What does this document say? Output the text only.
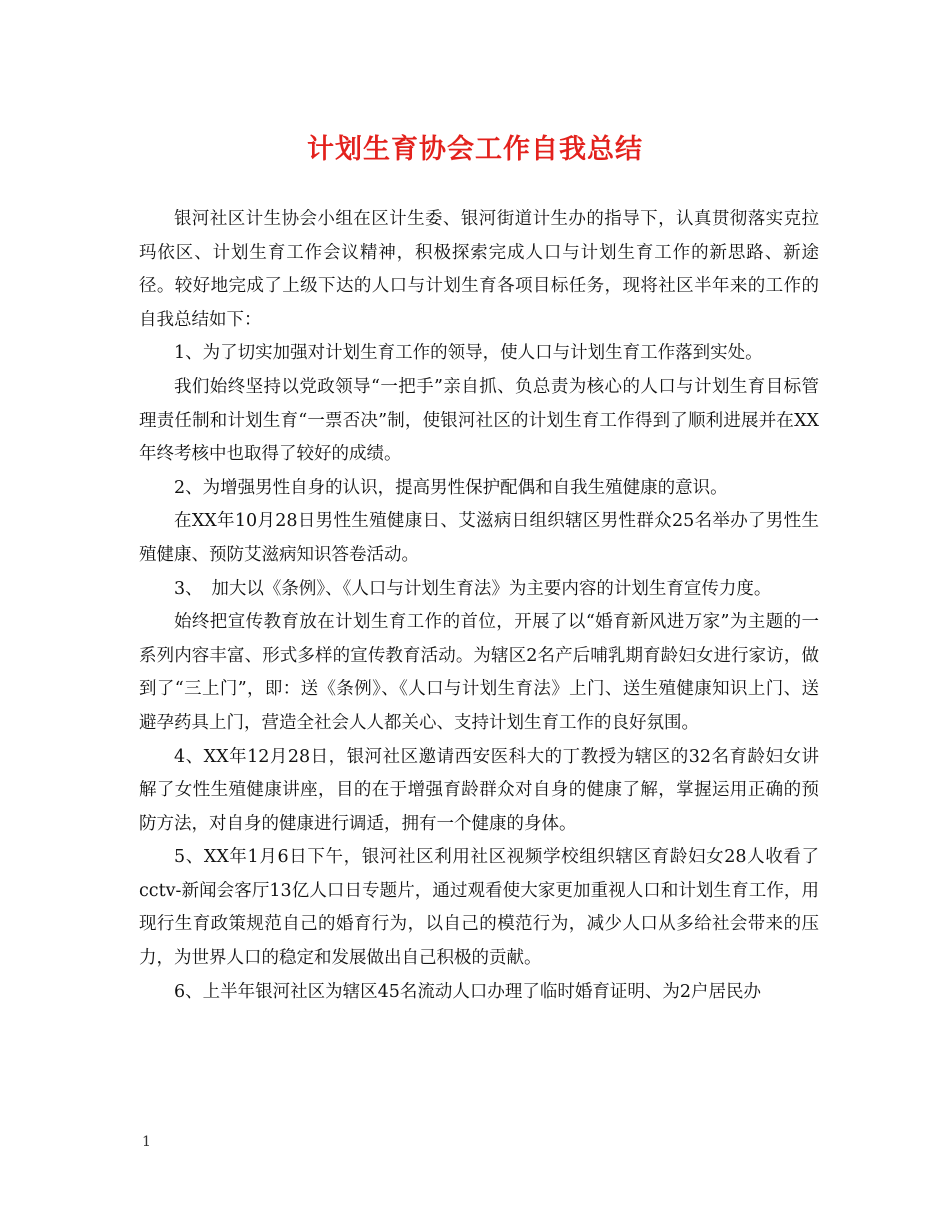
计划生育协会工作自我总结

银河社区计生协会小组在区计生委、银河街道计生办的指导下，认真贯彻落实克拉玛依区、计划生育工作会议精神，积极探索完成人口与计划生育工作的新思路、新途径。较好地完成了上级下达的人口与计划生育各项目标任务，现将社区半年来的工作的自我总结如下：

1、为了切实加强对计划生育工作的领导，使人口与计划生育工作落到实处。

我们始终坚持以党政领导“一把手”亲自抓、负总责为核心的人口与计划生育目标管理责任制和计划生育“一票否决”制，使银河社区的计划生育工作得到了顺利进展并在XX年终考核中也取得了较好的成绩。

2、为增强男性自身的认识，提高男性保护配偶和自我生殖健康的意识。

在XX年10月28日男性生殖健康日、艾滋病日组织辖区男性群众25名举办了男性生殖健康、预防艾滋病知识答卷活动。

3、　加大以《条例》、《人口与计划生育法》为主要内容的计划生育宣传力度。

始终把宣传教育放在计划生育工作的首位，开展了以“婚育新风进万家”为主题的一系列内容丰富、形式多样的宣传教育活动。为辖区2名产后哺乳期育龄妇女进行家访，做到了“三上门”，即：送《条例》、《人口与计划生育法》上门、送生殖健康知识上门、送避孕药具上门，营造全社会人人都关心、支持计划生育工作的良好氛围。

4、XX年12月28日，银河社区邀请西安医科大的丁教授为辖区的32名育龄妇女讲解了女性生殖健康讲座，目的在于增强育龄群众对自身的健康了解，掌握运用正确的预防方法，对自身的健康进行调适，拥有一个健康的身体。

5、XX年1月6日下午，银河社区利用社区视频学校组织辖区育龄妇女28人收看了cctv-新闻会客厅13亿人口日专题片，通过观看使大家更加重视人口和计划生育工作，用现行生育政策规范自己的婚育行为，以自己的模范行为，减少人口从多给社会带来的压力，为世界人口的稳定和发展做出自己积极的贡献。

6、上半年银河社区为辖区45名流动人口办理了临时婚育证明、为2户居民办

1
